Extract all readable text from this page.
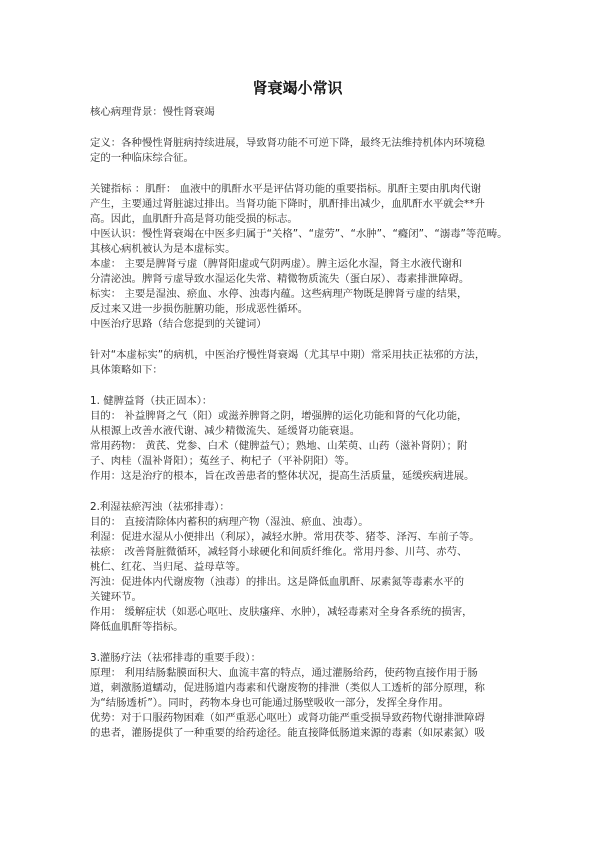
肾衰竭小常识
核心病理背景：慢性肾衰竭
定义：各种慢性肾脏病持续进展，导致肾功能不可逆下降，最终无法维持机体内环境稳
定的一种临床综合征。
关键指标 ：肌酐： 血液中的肌酐水平是评估肾功能的重要指标。肌酐主要由肌肉代谢
产生，主要通过肾脏滤过排出。当肾功能下降时，肌酐排出减少，血肌酐水平就会**升
高。因此，血肌酐升高是肾功能受损的标志。
中医认识：慢性肾衰竭在中医多归属于“关格”、“虚劳”、“水肿”、“癃闭”、“溺毒”等范畴。
其核心病机被认为是本虚标实。
本虚： 主要是脾肾亏虚（脾肾阳虚或气阴两虚）。脾主运化水湿，肾主水液代谢和
分清泌浊。脾肾亏虚导致水湿运化失常、精微物质流失（蛋白尿）、毒素排泄障碍。
标实： 主要是湿浊、瘀血、水停、浊毒内蕴。这些病理产物既是脾肾亏虚的结果，
反过来又进一步损伤脏腑功能，形成恶性循环。
中医治疗思路（结合您提到的关键词）
针对“本虚标实”的病机，中医治疗慢性肾衰竭（尤其早中期）常采用扶正祛邪的方法，
具体策略如下：
1. 健脾益肾（扶正固本）：
目的： 补益脾肾之气（阳）或滋养脾肾之阴，增强脾的运化功能和肾的气化功能，
从根源上改善水液代谢、减少精微流失、延缓肾功能衰退。
常用药物： 黄芪、党参、白术（健脾益气）；熟地、山茱萸、山药（滋补肾阴）；附
子、肉桂（温补肾阳）；菟丝子、枸杞子（平补阴阳）等。
作用：这是治疗的根本，旨在改善患者的整体状况，提高生活质量，延缓疾病进展。
2.利湿祛瘀泻浊（祛邪排毒）：
目的： 直接清除体内蓄积的病理产物（湿浊、瘀血、浊毒）。
利湿：促进水湿从小便排出（利尿），减轻水肿。常用茯苓、猪苓、泽泻、车前子等。
祛瘀： 改善肾脏微循环，减轻肾小球硬化和间质纤维化。常用丹参、川芎、赤芍、
桃仁、红花、当归尾、益母草等。
泻浊：促进体内代谢废物（浊毒）的排出。这是降低血肌酐、尿素氮等毒素水平的
关键环节。
作用： 缓解症状（如恶心呕吐、皮肤瘙痒、水肿），减轻毒素对全身各系统的损害，
降低血肌酐等指标。
3.灌肠疗法（祛邪排毒的重要手段）：
原理： 利用结肠黏膜面积大、血流丰富的特点，通过灌肠给药，使药物直接作用于肠
道，刺激肠道蠕动，促进肠道内毒素和代谢废物的排泄（类似人工透析的部分原理，称
为“结肠透析”）。同时，药物本身也可能通过肠壁吸收一部分，发挥全身作用。
优势：对于口服药物困难（如严重恶心呕吐）或肾功能严重受损导致药物代谢排泄障碍
的患者，灌肠提供了一种重要的给药途径。能直接降低肠道来源的毒素（如尿素氮）吸
